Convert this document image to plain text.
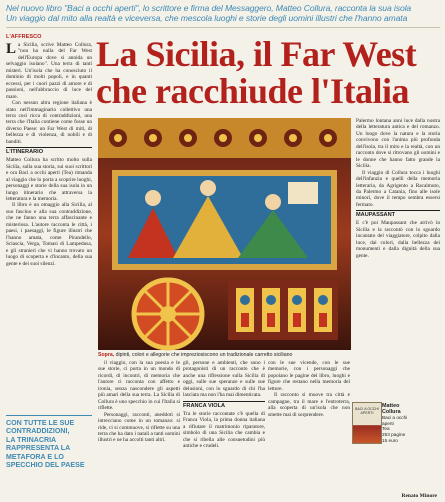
Nel nuovo libro "Baci a occhi aperti", lo scrittore e firma del Messaggero, Matteo Collura, racconta la sua isola
Un viaggio dal mito alla realtà e viceversa, che mescola luoghi e storie degli uomini illustri che l'hanno amata
L'AFFRESCO

La Sicilia, scrive Matteo Collura, "non ha nulla del Far West dell'Europa dove si annida un selvaggio isolano". Una terra di tanti misteri. Un'isola che ha conosciuto il dominio di molti popoli, e in quanti eccessi, per i cuori pazzi di amore e di passioni, nell'abbraccio di luce del mare.

Con nessun altra regione italiana è stato nell'immaginario collettivo una terra cosi ricca di contraddizioni, una terra che l'Italia contiene come fosse un diverso Paese: un Far West di miti, di bellezza e di violenza, di nobili e di banditi.

L'ITINERARIO

Matteo Collura ha scritto molto sulla Sicilia, sulla sua storia, sui suoi scrittori e ora Baci a occhi aperti (Tea) rimanda al viaggio che lo porta a scoprire luoghi, personaggi e storie della sua isola in un lungo itinerario che attraversa la letteratura e la memoria.

Il libro è un omaggio alla Sicilia, al suo fascino e alla sua contraddizione, che ne fanno una terra affascinante e misteriosa. L'autore racconta le città, i paesi, i paesaggi, le figure illustri che l'hanno amata, come Pirandello, Sciascia, Verga, Tomasi di Lampedusa, e gli stranieri che vi hanno trovato un luogo di scoperta e d'incanto, della sua gente e dei suoi silenzi.

CON TUTTE LE SUE
CONTRADDIZIONI,
LA TRINACRIA
RAPPRESENTA LA
METAFORA E LO
SPECCHIO DEL PAESE
La Sicilia, il Far West
che racchiude l'Italia
Sopra, dipinti, colori e allegorie che impreziosiscono un tradizionale carretto siciliano

il viaggio, con la sua poesia e le sue storie, ci porta in un mondo di ricordi, di incontri, di memoria che l'autore ci racconta con affetto e ironia, senza nascondere gli aspetti più amari della sua terra. La Sicilia di Collura è uno specchio in cui l'Italia si riflette.

Personaggi, racconti, aneddoti si intrecciano come in un romanzo: si ride, ci si commuove, si riflette su una terra che ha dato i natali a tanti uomini illustri e ne ha accolti tanti altri.

gli, persone e ambienti, che sono i protagonisti di un racconto che è anche una riflessione sulla Sicilia di oggi, sulle sue speranze e sulle sue delusioni, con lo sguardo di chi l'ha lasciata ma non l'ha mai dimenticata.

FRANCA VIOLA

Tra le storie raccontate c'è quella di Franca Viola, la prima donna italiana a rifiutare il matrimonio riparatore, simbolo di una Sicilia che cambia e che si ribella alle consuetudini più antiche e crudeli.

con le sue vicende, con le sue memorie, con i personaggi che popolano le pagine del libro, luoghi e figure che restano nella memoria del lettore.

Il racconto si muove tra città e campagne, tra il mare e l'entroterra, alla scoperta di un'isola che non smette mai di sorprendere.

BACI A OCCHI APERTI
Matteo Collura
Baci a occhi aperti
Tea
253 pagine
15 euro

Palermo lontana anni luce dalla nostra della letteratura antica e del romanzo. Un luogo dove la natura e la storia convivono con l'anima più profonda dell'isola, tra il mito e la realtà, con un racconto dove si ritrovano gli uomini e le donne che hanno fatto grande la Sicilia.

Il viaggio di Collura tocca i luoghi dell'infanzia e quelli della memoria letteraria, da Agrigento a Racalmuto, da Palermo a Catania, fino alle isole minori, dove il tempo sembra essersi fermato.

MAUPASSANT

E c'è poi Maupassant che arrivò in Sicilia e la raccontò con lo sguardo incantato del viaggiatore, colpito dalla luce, dai colori, dalla bellezza dei monumenti e dalla dignità della sua gente.

Renato Minore
